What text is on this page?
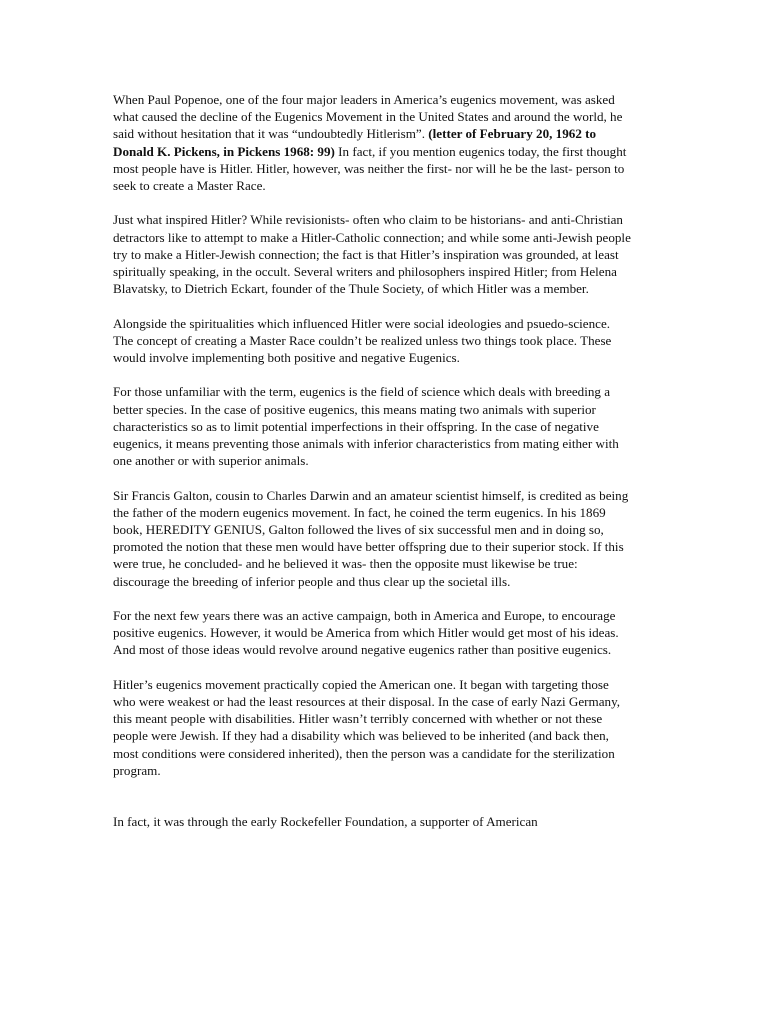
When Paul Popenoe, one of the four major leaders in America’s eugenics movement, was asked what caused the decline of the Eugenics Movement in the United States and around the world, he said without hesitation that it was “undoubtedly Hitlerism”. (letter of February 20, 1962 to Donald K. Pickens, in Pickens 1968: 99) In fact, if you mention eugenics today, the first thought most people have is Hitler. Hitler, however, was neither the first- nor will he be the last- person to seek to create a Master Race.

Just what inspired Hitler? While revisionists- often who claim to be historians- and anti-Christian detractors like to attempt to make a Hitler-Catholic connection; and while some anti-Jewish people try to make a Hitler-Jewish connection; the fact is that Hitler’s inspiration was grounded, at least spiritually speaking, in the occult. Several writers and philosophers inspired Hitler; from Helena Blavatsky, to Dietrich Eckart, founder of the Thule Society, of which Hitler was a member.

Alongside the spiritualities which influenced Hitler were social ideologies and psuedo-science. The concept of creating a Master Race couldn’t be realized unless two things took place. These would involve implementing both positive and negative Eugenics.

For those unfamiliar with the term, eugenics is the field of science which deals with breeding a better species. In the case of positive eugenics, this means mating two animals with superior characteristics so as to limit potential imperfections in their offspring. In the case of negative eugenics, it means preventing those animals with inferior characteristics from mating either with one another or with superior animals.

Sir Francis Galton, cousin to Charles Darwin and an amateur scientist himself, is credited as being the father of the modern eugenics movement. In fact, he coined the term eugenics. In his 1869 book, HEREDITY GENIUS, Galton followed the lives of six successful men and in doing so, promoted the notion that these men would have better offspring due to their superior stock. If this were true, he concluded- and he believed it was- then the opposite must likewise be true: discourage the breeding of inferior people and thus clear up the societal ills.

For the next few years there was an active campaign, both in America and Europe, to encourage positive eugenics. However, it would be America from which Hitler would get most of his ideas. And most of those ideas would revolve around negative eugenics rather than positive eugenics.

Hitler’s eugenics movement practically copied the American one. It began with targeting those who were weakest or had the least resources at their disposal. In the case of early Nazi Germany, this meant people with disabilities. Hitler wasn’t terribly concerned with whether or not these people were Jewish. If they had a disability which was believed to be inherited (and back then, most conditions were considered inherited), then the person was a candidate for the sterilization program.

In fact, it was through the early Rockefeller Foundation, a supporter of American
